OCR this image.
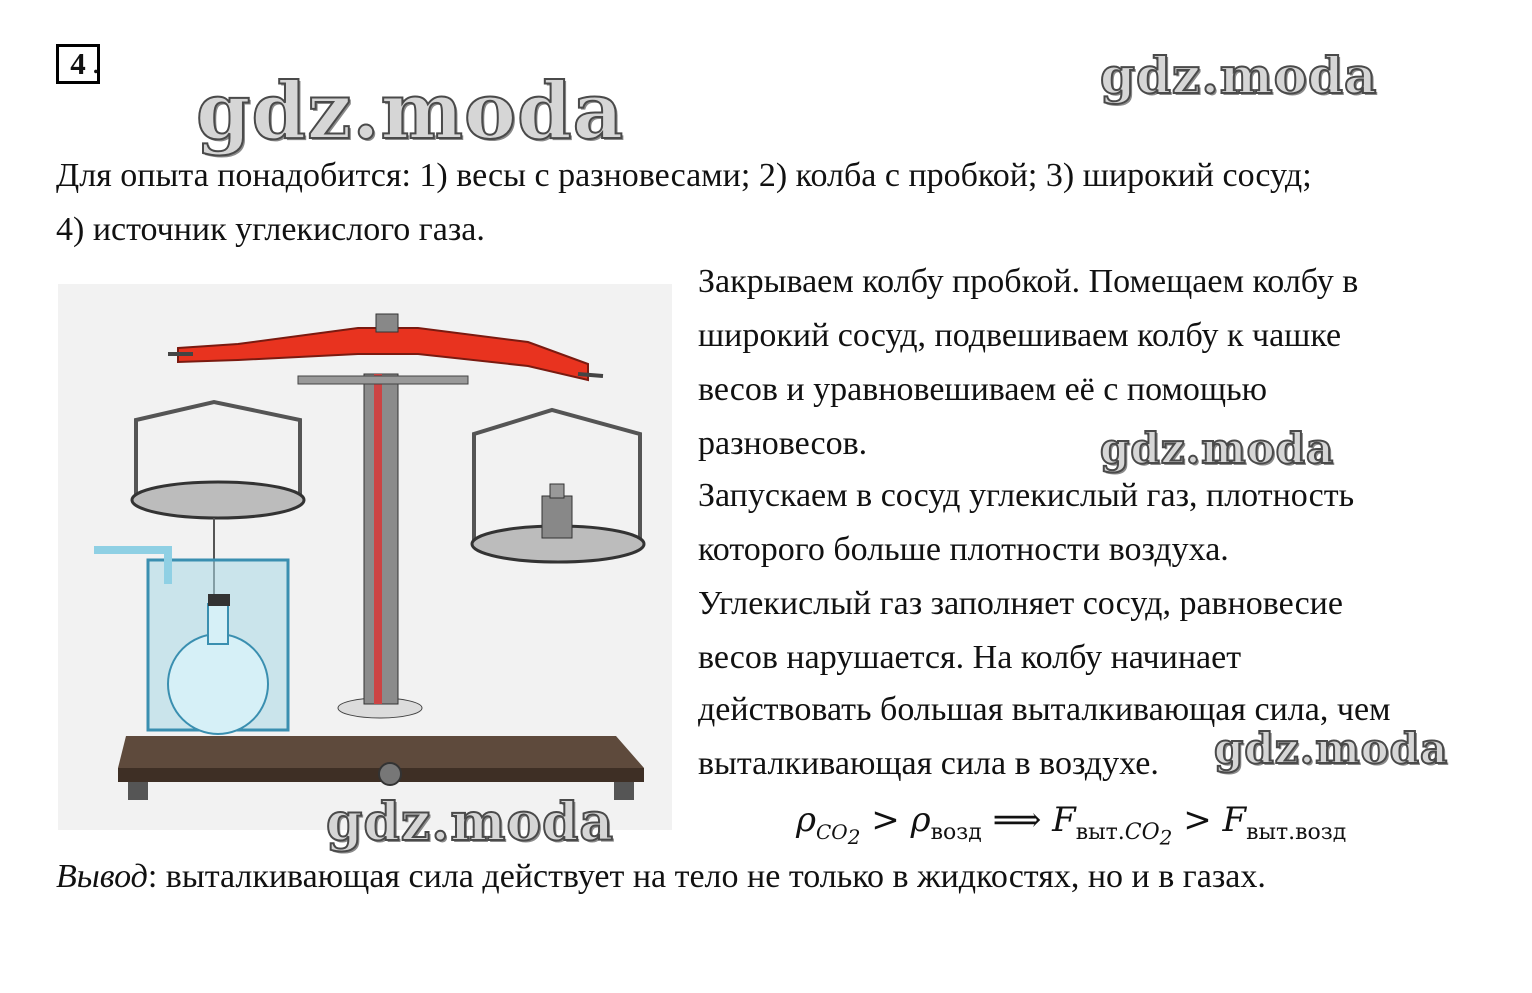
4 .
gdz.moda	gdz.moda
Для опыта понадобится: 1) весы с разновесами; 2) колба с пробкой; 3) широкий сосуд;
4) источник углекислого газа.
Закрываем колбу пробкой. Помещаем колбу в
широкий сосуд, подвешиваем колбу к чашке
весов и уравновешиваем её с помощью
разновесов.
Запускаем в сосуд углекислый газ, плотность
которого больше плотности воздуха.
Углекислый газ заполняет сосуд, равновесие
весов нарушается. На колбу начинает
действовать большая выталкивающая сила, чем
выталкивающая сила в воздухе.
gdz.moda
gdz.moda
gdz.moda	$\rho_{CO_2} > \rho_{возд}$ ⟹ $F_{выт.CO_2} > F_{выт.возд}$
Вывод: выталкивающая сила действует на тело не только в жидкостях, но и в газах.
